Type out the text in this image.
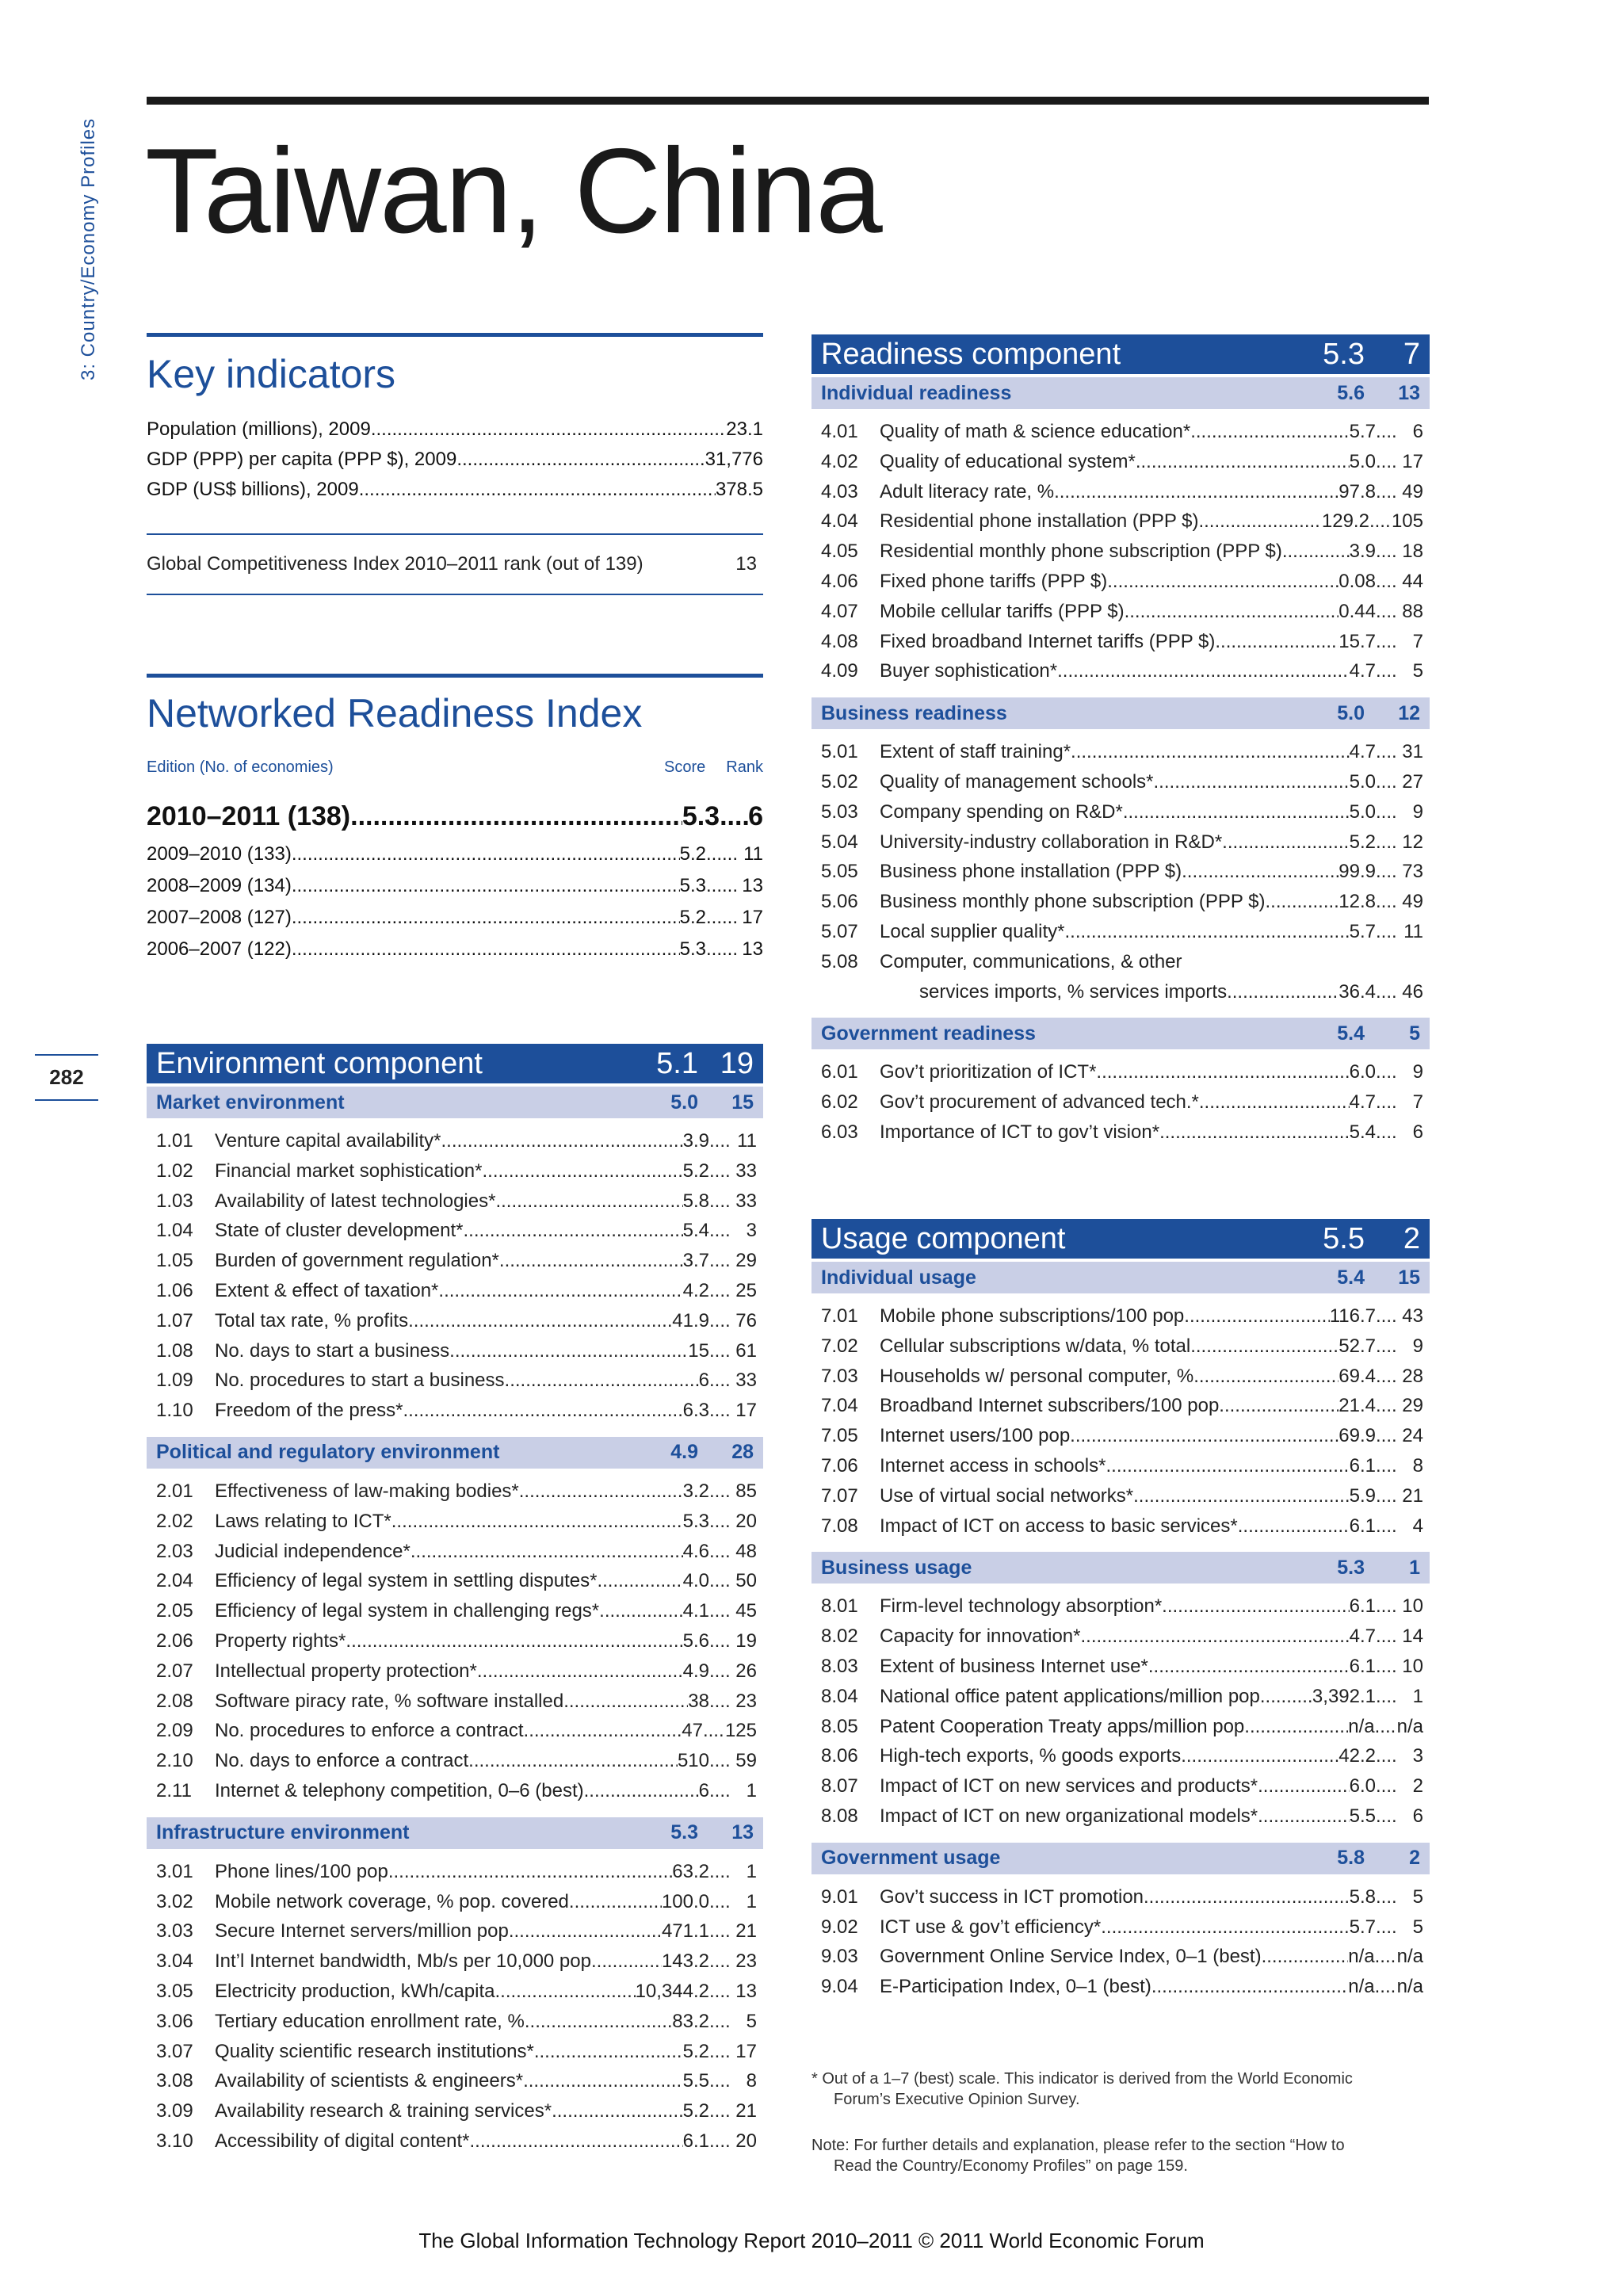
3: Country/Economy Profiles
282
Taiwan, China
Key indicators
Population (millions), 2009 .....	23.1
GDP (PPP) per capita (PPP $), 2009 .....	31,776
GDP (US$ billions), 2009 .....	378.5
Global Competitiveness Index 2010–2011 rank (out of 139)	13
Networked Readiness Index
Edition (No. of economies)	Score Rank
2010–2011 (138) .....	5.3 ..... 6
2009–2010 (133) .....	5.2 ..... 11
2008–2009 (134) .....	5.3 ..... 13
2007–2008 (127) .....	5.2 ..... 17
2006–2007 (122) .....	5.3 ..... 13
Environment component	5.1 19
Market environment	5.0	15
1.01	Venture capital availability* .....	3.9 ..... 11
1.02	Financial market sophistication* .....	5.2 ..... 33
1.03	Availability of latest technologies* .....	5.8 ..... 33
1.04	State of cluster development* .....	5.4 .....	3
1.05	Burden of government regulation* .....	3.7 ..... 29
1.06	Extent & effect of taxation* .....	4.2 ..... 25
1.07	Total tax rate, % profits .....	41.9 ..... 76
1.08	No. days to start a business .....	15 ..... 61
1.09	No. procedures to start a business .....	6 ..... 33
1.10	Freedom of the press* .....	6.3 ..... 17
Political and regulatory environment	4.9	28
2.01	Effectiveness of law-making bodies* .....	3.2 ..... 85
2.02	Laws relating to ICT* .....	5.3 ..... 20
2.03	Judicial independence* .....	4.6 ..... 48
2.04	Efficiency of legal system in settling disputes* .....	4.0 ..... 50
2.05	Efficiency of legal system in challenging regs* .....	4.1 ..... 45
2.06	Property rights* .....	5.6 ..... 19
2.07	Intellectual property protection* .....	4.9 ..... 26
2.08	Software piracy rate, % software installed .....	38 ..... 23
2.09	No. procedures to enforce a contract .....	47 ..... 125
2.10	No. days to enforce a contract .....	510 ..... 59
2.11	Internet & telephony competition, 0–6 (best) .....	6 .....	1
Infrastructure environment	5.3	13
3.01	Phone lines/100 pop. .....	63.2 .....	1
3.02	Mobile network coverage, % pop. covered .....	100.0 .....	1
3.03	Secure Internet servers/million pop. .....	471.1 ..... 21
3.04	Int’l Internet bandwidth, Mb/s per 10,000 pop .....	143.2 ..... 23
3.05	Electricity production, kWh/capita .....	10,344.2 ..... 13
3.06	Tertiary education enrollment rate, % .....	83.2 .....	5
3.07	Quality scientific research institutions* .....	5.2 ..... 17
3.08	Availability of scientists & engineers* .....	5.5 .....	8
3.09	Availability research & training services* .....	5.2 ..... 21
3.10	Accessibility of digital content* .....	6.1 ..... 20
Readiness component	5.3	7
Individual readiness	5.6	13
4.01	Quality of math & science education* .....	5.7 .....	6
4.02	Quality of educational system* .....	5.0 ..... 17
4.03	Adult literacy rate, % .....	97.8 ..... 49
4.04	Residential phone installation (PPP $) .....	129.2 ..... 105
4.05	Residential monthly phone subscription (PPP $) .....	3.9 ..... 18
4.06	Fixed phone tariffs (PPP $) .....	0.08 ..... 44
4.07	Mobile cellular tariffs (PPP $) .....	0.44 ..... 88
4.08	Fixed broadband Internet tariffs (PPP $) .....	15.7 .....	7
4.09	Buyer sophistication* .....	4.7 .....	5
Business readiness	5.0	12
5.01	Extent of staff training* .....	4.7 ..... 31
5.02	Quality of management schools* .....	5.0 ..... 27
5.03	Company spending on R&D* .....	5.0 .....	9
5.04	University-industry collaboration in R&D* .....	5.2 ..... 12
5.05	Business phone installation (PPP $) .....	99.9 ..... 73
5.06	Business monthly phone subscription (PPP $) .....	12.8 ..... 49
5.07	Local supplier quality* .....	5.7 ..... 11
5.08	Computer, communications, & other
services imports, % services imports .....	36.4 ..... 46
Government readiness	5.4	5
6.01	Gov’t prioritization of ICT* .....	6.0 .....	9
6.02	Gov’t procurement of advanced tech.* .....	4.7 .....	7
6.03	Importance of ICT to gov’t vision* .....	5.4 .....	6
Usage component	5.5	2
Individual usage	5.4	15
7.01	Mobile phone subscriptions/100 pop. .....	116.7 ..... 43
7.02	Cellular subscriptions w/data, % total .....	52.7 .....	9
7.03	Households w/ personal computer, % .....	69.4 ..... 28
7.04	Broadband Internet subscribers/100 pop. .....	21.4 ..... 29
7.05	Internet users/100 pop. .....	69.9 ..... 24
7.06	Internet access in schools* .....	6.1 .....	8
7.07	Use of virtual social networks* .....	5.9 ..... 21
7.08	Impact of ICT on access to basic services* .....	6.1 .....	4
Business usage	5.3	1
8.01	Firm-level technology absorption* .....	6.1 ..... 10
8.02	Capacity for innovation* .....	4.7 ..... 14
8.03	Extent of business Internet use* .....	6.1 ..... 10
8.04	National office patent applications/million pop .....	3,392.1 .....	1
8.05	Patent Cooperation Treaty apps/million pop. .....	n/a ..... n/a
8.06	High-tech exports, % goods exports .....	42.2 .....	3
8.07	Impact of ICT on new services and products* .....	6.0 .....	2
8.08	Impact of ICT on new organizational models* .....	5.5 .....	6
Government usage	5.8	2
9.01	Gov’t success in ICT promotion .....	5.8 .....	5
9.02	ICT use & gov’t efficiency* .....	5.7 .....	5
9.03	Government Online Service Index, 0–1 (best) .....	n/a ..... n/a
9.04	E-Participation Index, 0–1 (best) .....	n/a ..... n/a
* Out of a 1–7 (best) scale. This indicator is derived from the World Economic
Forum’s Executive Opinion Survey.
Note: For further details and explanation, please refer to the section “How to
Read the Country/Economy Profiles” on page 159.
The Global Information Technology Report 2010–2011 © 2011 World Economic Forum
